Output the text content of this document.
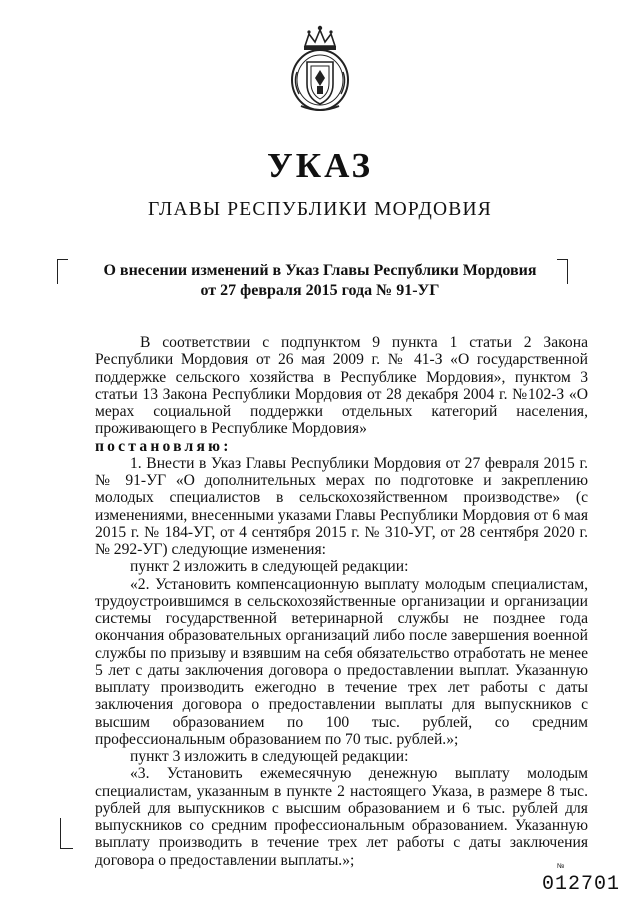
УКАЗ
ГЛАВЫ РЕСПУБЛИКИ МОРДОВИЯ
О внесении изменений в Указ Главы Республики Мордовия
от 27 февраля 2015 года № 91-УГ

В соответствии с подпунктом 9 пункта 1 статьи 2 Закона Республики Мордовия от 26 мая 2009 г. № 41-З «О государственной поддержке сельского хозяйства в Республике Мордовия», пунктом 3 статьи 13 Закона Республики Мордовия от 28 декабря 2004 г. №102-З «О мерах социальной поддержки отдельных категорий населения, проживающего в Республике Мордовия»

постановляю:

1. Внести в Указ Главы Республики Мордовия от 27 февраля 2015 г. № 91-УГ «О дополнительных мерах по подготовке и закреплению молодых специалистов в сельскохозяйственном производстве» (с изменениями, внесенными указами Главы Республики Мордовия от 6 мая 2015 г. № 184-УГ, от 4 сентября 2015 г. № 310-УГ, от 28 сентября 2020 г. № 292-УГ) следующие изменения:

пункт 2 изложить в следующей редакции:

«2. Установить компенсационную выплату молодым специалистам, трудоустроившимся в сельскохозяйственные организации и организации системы государственной ветеринарной службы не позднее года окончания образовательных организаций либо после завершения военной службы по призыву и взявшим на себя обязательство отработать не менее 5 лет с даты заключения договора о предоставлении выплат. Указанную выплату производить ежегодно в течение трех лет работы с даты заключения договора о предоставлении выплаты для выпускников с высшим образованием по 100 тыс. рублей, со средним профессиональным образованием по 70 тыс. рублей.»;

пункт 3 изложить в следующей редакции:

«3. Установить ежемесячную денежную выплату молодым специалистам, указанным в пункте 2 настоящего Указа, в размере 8 тыс. рублей для выпускников с высшим образованием и 6 тыс. рублей для выпускников со средним профессиональным образованием. Указанную выплату производить в течение трех лет работы с даты заключения договора о предоставлении выплаты.»;	№
012701
